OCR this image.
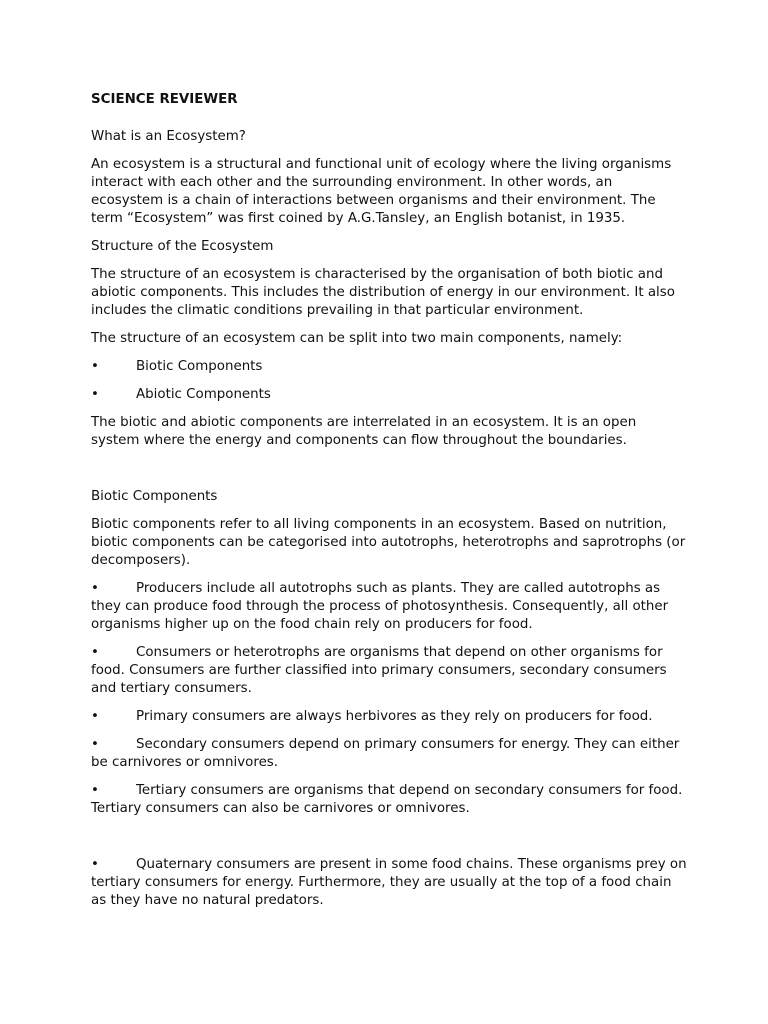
SCIENCE REVIEWER
What is an Ecosystem?
An ecosystem is a structural and functional unit of ecology where the living organisms interact with each other and the surrounding environment. In other words, an ecosystem is a chain of interactions between organisms and their environment. The term “Ecosystem” was first coined by A.G.Tansley, an English botanist, in 1935.
Structure of the Ecosystem
The structure of an ecosystem is characterised by the organisation of both biotic and abiotic components. This includes the distribution of energy in our environment. It also includes the climatic conditions prevailing in that particular environment.
The structure of an ecosystem can be split into two main components, namely:
•	Biotic Components
•	Abiotic Components
The biotic and abiotic components are interrelated in an ecosystem. It is an open system where the energy and components can flow throughout the boundaries.
Biotic Components
Biotic components refer to all living components in an ecosystem. Based on nutrition, biotic components can be categorised into autotrophs, heterotrophs and saprotrophs (or decomposers).
•	Producers include all autotrophs such as plants. They are called autotrophs as they can produce food through the process of photosynthesis. Consequently, all other organisms higher up on the food chain rely on producers for food.
•	Consumers or heterotrophs are organisms that depend on other organisms for food. Consumers are further classified into primary consumers, secondary consumers and tertiary consumers.
•	Primary consumers are always herbivores as they rely on producers for food.
•	Secondary consumers depend on primary consumers for energy. They can either be carnivores or omnivores.
•	Tertiary consumers are organisms that depend on secondary consumers for food. Tertiary consumers can also be carnivores or omnivores.
•	Quaternary consumers are present in some food chains. These organisms prey on tertiary consumers for energy. Furthermore, they are usually at the top of a food chain as they have no natural predators.
